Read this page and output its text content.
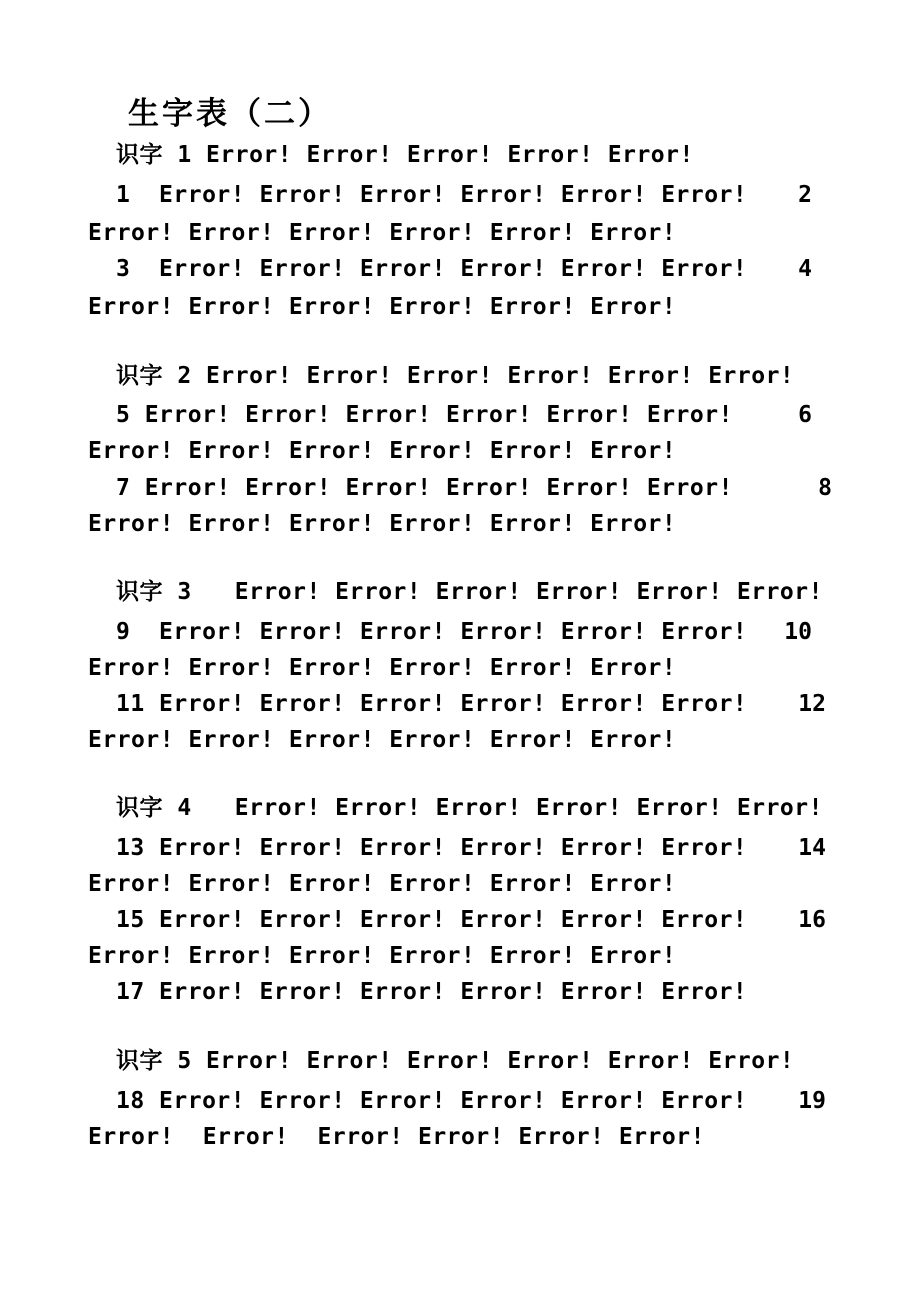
生字表（二）
识字 1 Error! Error! Error! Error! Error!
1  Error! Error! Error! Error! Error! Error!	2
Error! Error! Error! Error! Error! Error!
3  Error! Error! Error! Error! Error! Error!	4
Error! Error! Error! Error! Error! Error!
识字 2 Error! Error! Error! Error! Error! Error!
5 Error! Error! Error! Error! Error! Error!	6
Error! Error! Error! Error! Error! Error!
7 Error! Error! Error! Error! Error! Error!	8
Error! Error! Error! Error! Error! Error!
识字 3   Error! Error! Error! Error! Error! Error!
9  Error! Error! Error! Error! Error! Error!	10
Error! Error! Error! Error! Error! Error!
11 Error! Error! Error! Error! Error! Error!	12
Error! Error! Error! Error! Error! Error!
识字 4   Error! Error! Error! Error! Error! Error!
13 Error! Error! Error! Error! Error! Error!	14
Error! Error! Error! Error! Error! Error!
15 Error! Error! Error! Error! Error! Error!	16
Error! Error! Error! Error! Error! Error!
17 Error! Error! Error! Error! Error! Error!
识字 5 Error! Error! Error! Error! Error! Error!
18 Error! Error! Error! Error! Error! Error!	19
Error!  Error!  Error! Error! Error! Error!
